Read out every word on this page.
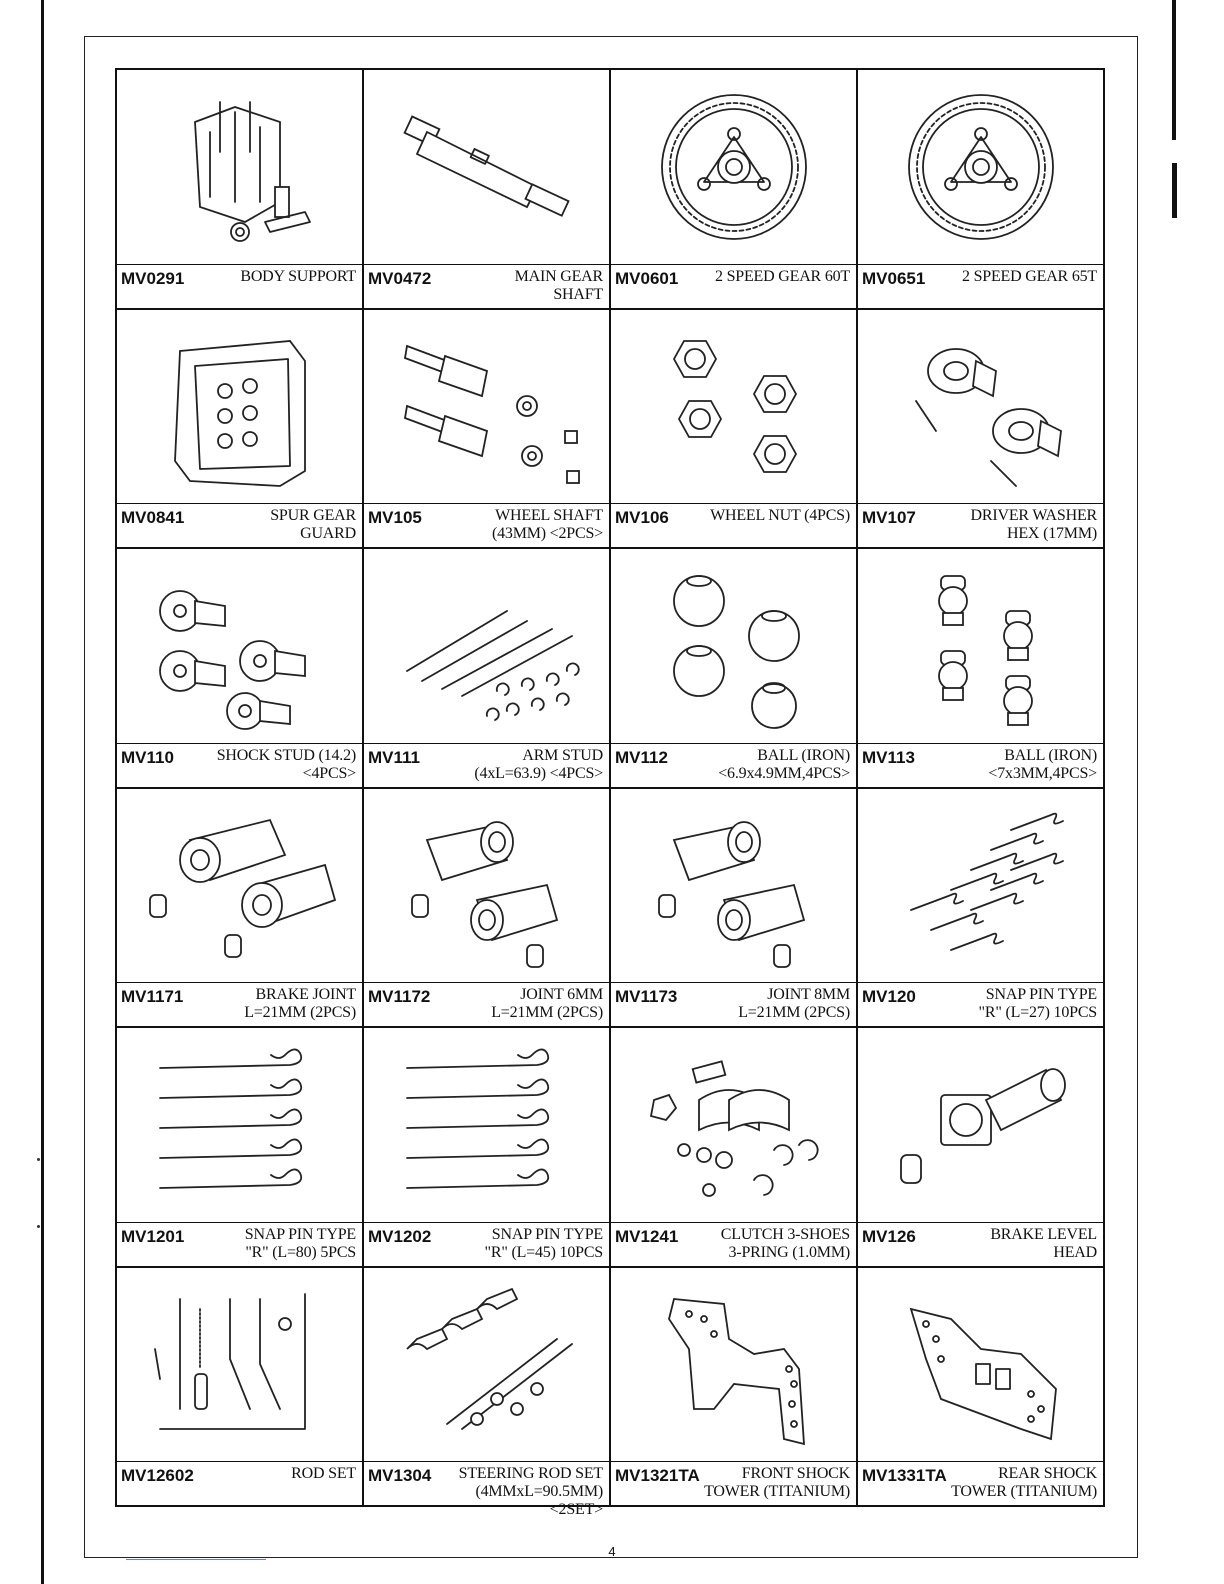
MV0291	BODY SUPPORT MV0472	MAIN GEAR
SHAFT
MV0601	2 SPEED GEAR 60T MV0651	2 SPEED GEAR 65T
MV0841	SPUR GEAR
GUARD
MV105	WHEEL SHAFT
(43MM) <2PCS>
MV106	WHEEL NUT (4PCS) MV107	DRIVER WASHER
HEX (17MM)
MV110	SHOCK STUD (14.2)
<4PCS>
MV111	ARM STUD
(4xL=63.9) <4PCS>
MV112	BALL (IRON)
<6.9x4.9MM,4PCS>
MV113	BALL (IRON)
<7x3MM,4PCS>
MV1171	BRAKE JOINT
L=21MM (2PCS)
MV1172	JOINT 6MM
L=21MM (2PCS)
MV1173	JOINT 8MM
L=21MM (2PCS)
MV120	SNAP PIN TYPE
"R" (L=27) 10PCS
MV1201	SNAP PIN TYPE
"R" (L=80) 5PCS
MV1202	SNAP PIN TYPE
"R" (L=45) 10PCS
MV1241	CLUTCH 3-SHOES
3-PRING (1.0MM)
MV126	BRAKE LEVEL
HEAD
MV12602	ROD SET MV1304	STEERING ROD SET
(4MMxL=90.5MM) <2SET>
MV1321TA	FRONT SHOCK
TOWER (TITANIUM)
MV1331TA	REAR SHOCK
TOWER (TITANIUM)
4
